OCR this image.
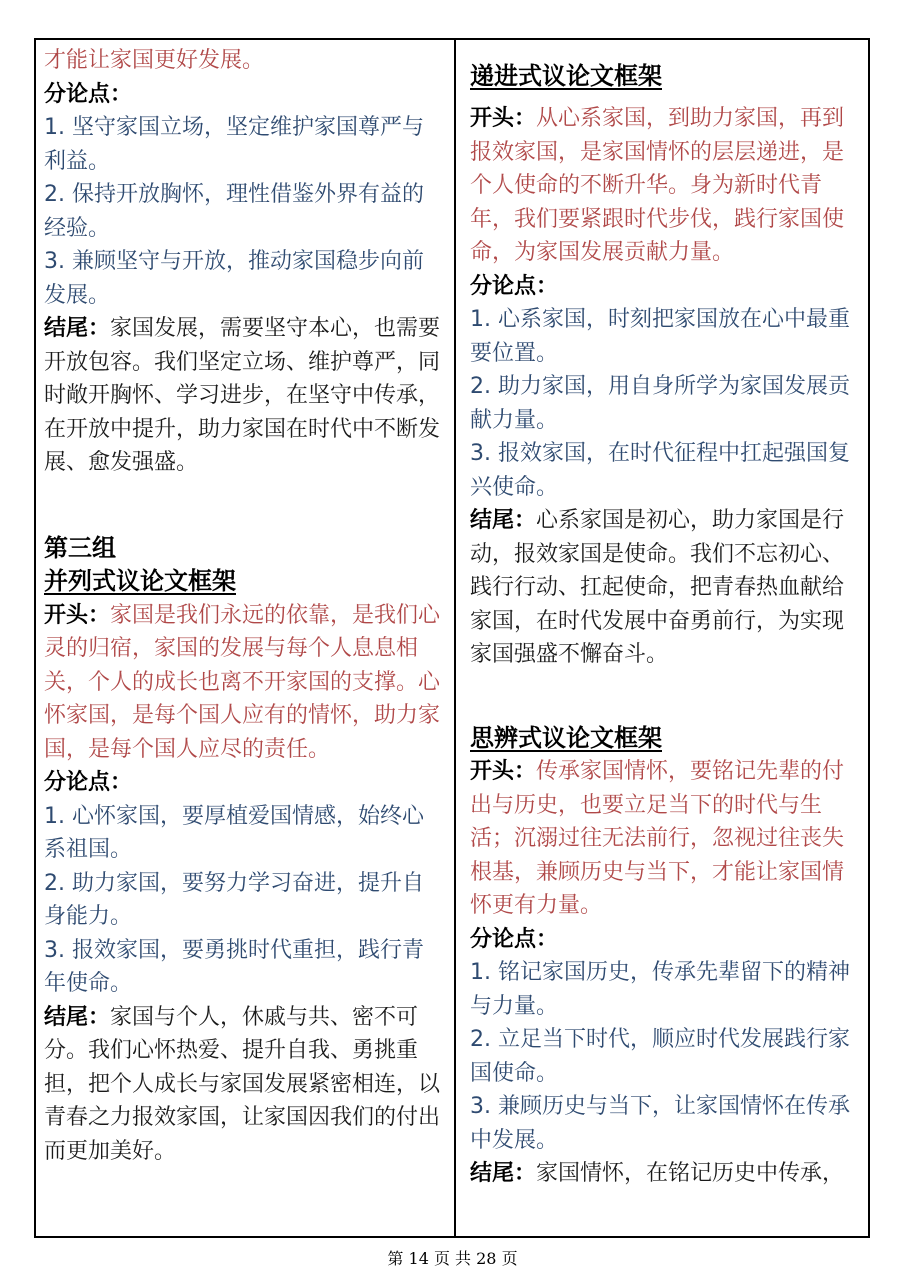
才能让家国更好发展。
分论点：
1. 坚守家国立场，坚定维护家国尊严与利益。
2. 保持开放胸怀，理性借鉴外界有益的经验。
3. 兼顾坚守与开放，推动家国稳步向前发展。
结尾：家国发展，需要坚守本心，也需要开放包容。我们坚定立场、维护尊严，同时敞开胸怀、学习进步，在坚守中传承，在开放中提升，助力家国在时代中不断发展、愈发强盛。
第三组
并列式议论文框架
开头：家国是我们永远的依靠，是我们心灵的归宿，家国的发展与每个人息息相关，个人的成长也离不开家国的支撑。心怀家国，是每个国人应有的情怀，助力家国，是每个国人应尽的责任。
分论点：
1. 心怀家国，要厚植爱国情感，始终心系祖国。
2. 助力家国，要努力学习奋进，提升自身能力。
3. 报效家国，要勇挑时代重担，践行青年使命。
结尾：家国与个人，休戚与共、密不可分。我们心怀热爱、提升自我、勇挑重担，把个人成长与家国发展紧密相连，以青春之力报效家国，让家国因我们的付出而更加美好。
递进式议论文框架
开头：从心系家国，到助力家国，再到报效家国，是家国情怀的层层递进，是个人使命的不断升华。身为新时代青年，我们要紧跟时代步伐，践行家国使命，为家国发展贡献力量。
分论点：
1. 心系家国，时刻把家国放在心中最重要位置。
2. 助力家国，用自身所学为家国发展贡献力量。
3. 报效家国，在时代征程中扛起强国复兴使命。
结尾：心系家国是初心，助力家国是行动，报效家国是使命。我们不忘初心、践行行动、扛起使命，把青春热血献给家国，在时代发展中奋勇前行，为实现家国强盛不懈奋斗。
思辨式议论文框架
开头：传承家国情怀，要铭记先辈的付出与历史，也要立足当下的时代与生活；沉溺过往无法前行，忽视过往丧失根基，兼顾历史与当下，才能让家国情怀更有力量。
分论点：
1. 铭记家国历史，传承先辈留下的精神与力量。
2. 立足当下时代，顺应时代发展践行家国使命。
3. 兼顾历史与当下，让家国情怀在传承中发展。
结尾：家国情怀，在铭记历史中传承，
第 14 页 共 28 页
